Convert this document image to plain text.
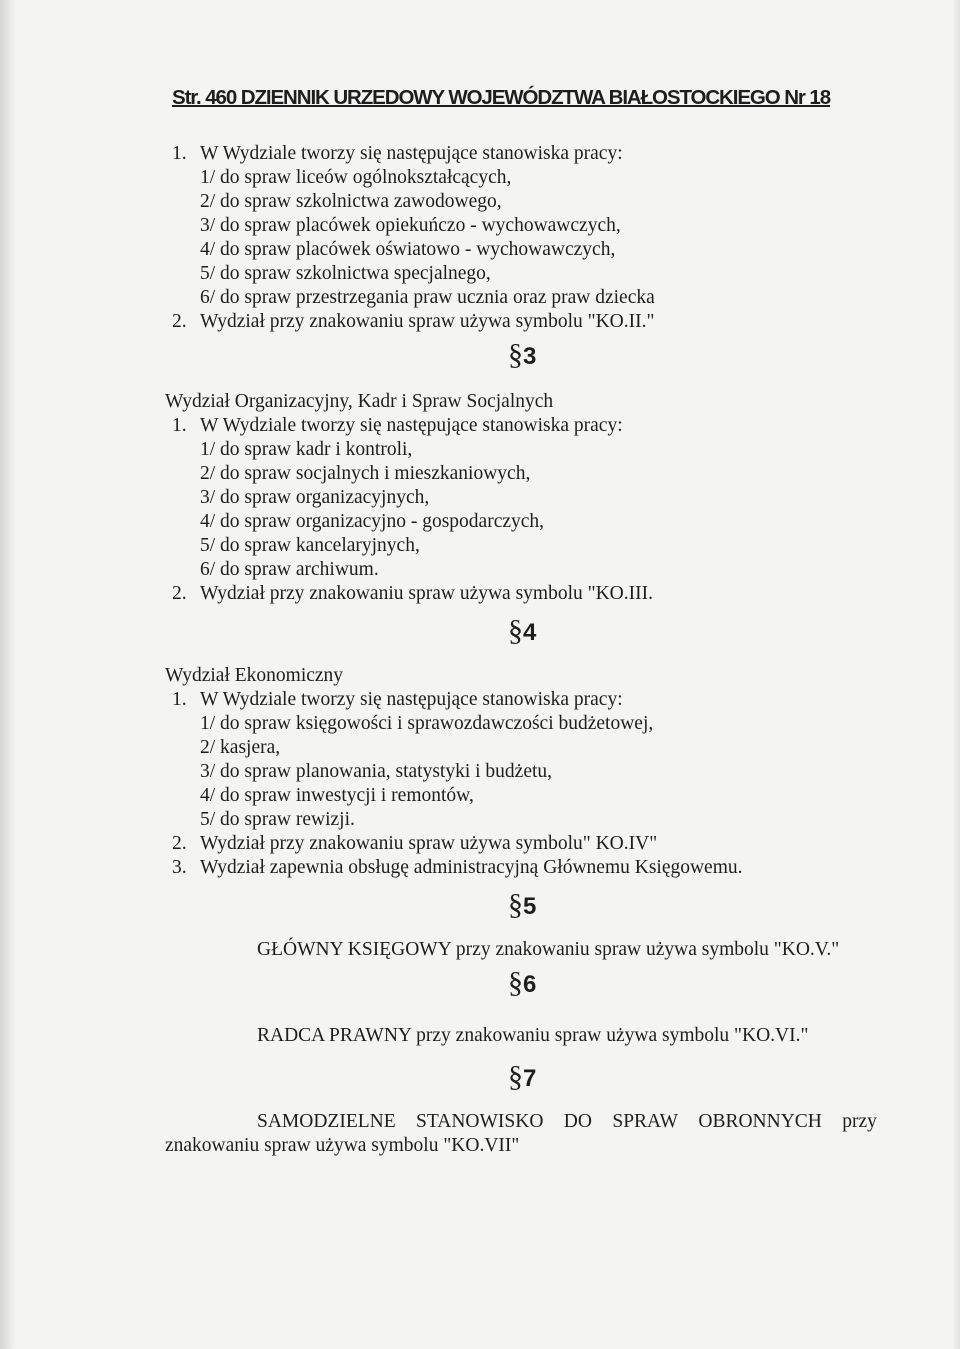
Str. 460 DZIENNIK URZEDOWY WOJEWÓDZTWA BIAŁOSTOCKIEGO Nr 18
1. W Wydziale tworzy się następujące stanowiska pracy:
1/ do spraw liceów ogólnokształcących,
2/ do spraw szkolnictwa zawodowego,
3/ do spraw placówek opiekuńczo - wychowawczych,
4/ do spraw placówek oświatowo - wychowawczych,
5/ do spraw szkolnictwa specjalnego,
6/ do spraw przestrzegania praw ucznia oraz praw dziecka
2. Wydział przy znakowaniu spraw używa symbolu "KO.II."
§3
Wydział Organizacyjny, Kadr i Spraw Socjalnych
1. W Wydziale tworzy się następujące stanowiska pracy:
1/ do spraw kadr i kontroli,
2/ do spraw socjalnych i mieszkaniowych,
3/ do spraw organizacyjnych,
4/ do spraw organizacyjno - gospodarczych,
5/ do spraw kancelaryjnych,
6/ do spraw archiwum.
2. Wydział przy znakowaniu spraw używa symbolu "KO.III.
§4
Wydział Ekonomiczny
1. W Wydziale tworzy się następujące stanowiska pracy:
1/ do spraw księgowości i sprawozdawczości budżetowej,
2/ kasjera,
3/ do spraw planowania, statystyki i budżetu,
4/ do spraw inwestycji i remontów,
5/ do spraw rewizji.
2. Wydział przy znakowaniu spraw używa symbolu" KO.IV"
3. Wydział zapewnia obsługę administracyjną Głównemu Księgowemu.
§5
GŁÓWNY KSIĘGOWY przy znakowaniu spraw używa symbolu "KO.V."
§6
RADCA PRAWNY przy znakowaniu spraw używa symbolu "KO.VI."
§7
SAMODZIELNE STANOWISKO DO SPRAW OBRONNYCH przy
znakowaniu spraw używa symbolu "KO.VII"
